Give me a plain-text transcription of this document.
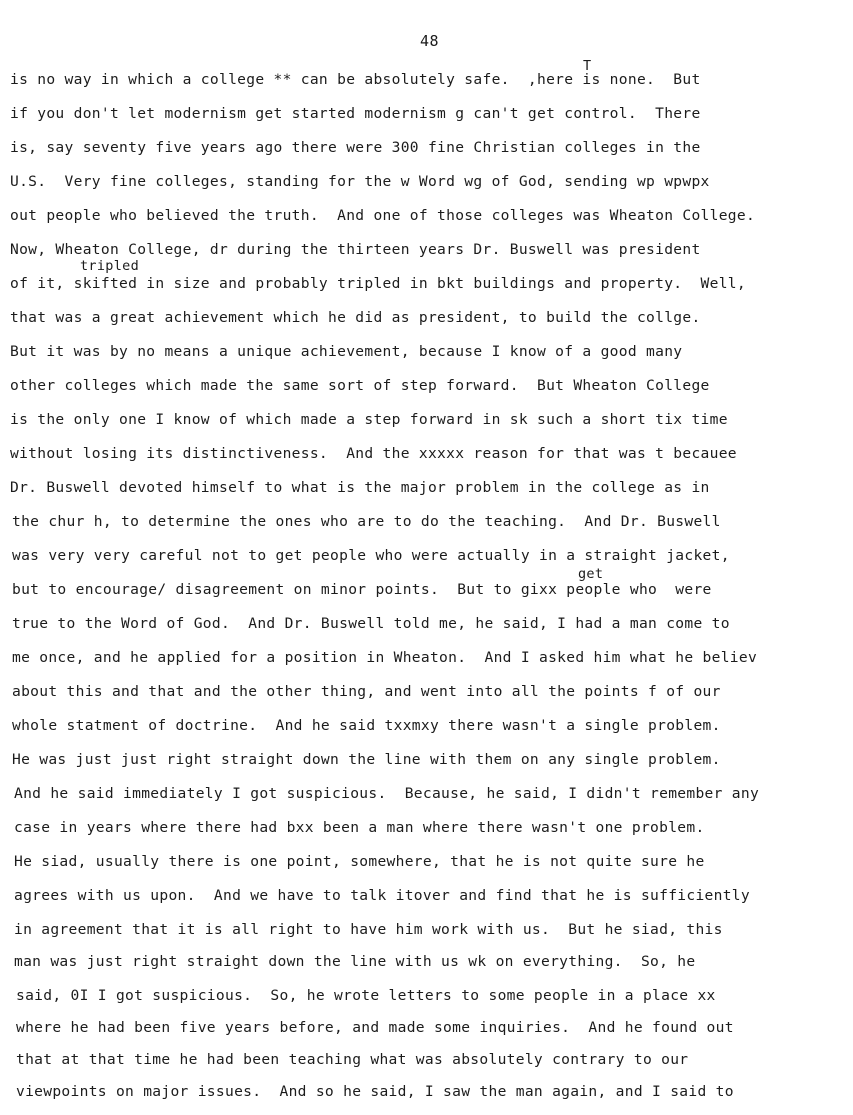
48
T
tripled
get
is no way in which a college ** can be absolutely safe.  ,here is none.  But
if you don't let modernism get started modernism g can't get control.  There
is, say seventy five years ago there were 300 fine Christian colleges in the
U.S.  Very fine colleges, standing for the w Word wg of God, sending wp wpwpx
out people who believed the truth.  And one of those colleges was Wheaton College.
Now, Wheaton College, dr during the thirteen years Dr. Buswell was president
of it, skifted in size and probably tripled in bkt buildings and property.  Well,
that was a great achievement which he did as president, to build the collge.
But it was by no means a unique achievement, because I know of a good many
other colleges which made the same sort of step forward.  But Wheaton College
is the only one I know of which made a step forward in sk such a short tix time
without losing its distinctiveness.  And the xxxxx reason for that was t becauee
Dr. Buswell devoted himself to what is the major problem in the college as in
the chur h, to determine the ones who are to do the teaching.  And Dr. Buswell
was very very careful not to get people who were actually in a straight jacket,
but to encourage/ disagreement on minor points.  But to gixx people who  were
true to the Word of God.  And Dr. Buswell told me, he said, I had a man come to
me once, and he applied for a position in Wheaton.  And I asked him what he believ
about this and that and the other thing, and went into all the points f of our
whole statment of doctrine.  And he said txxmxy there wasn't a single problem.
He was just just right straight down the line with them on any single problem.
And he said immediately I got suspicious.  Because, he said, I didn't remember any
case in years where there had bxx been a man where there wasn't one problem.
He siad, usually there is one point, somewhere, that he is not quite sure he
agrees with us upon.  And we have to talk itover and find that he is sufficiently
in agreement that it is all right to have him work with us.  But he siad, this
man was just right straight down the line with us wk on everything.  So, he
said, 0I I got suspicious.  So, he wrote letters to some people in a place xx
where he had been five years before, and made some inquiries.  And he found out
that at that time he had been teaching what was absolutely contrary to our
viewpoints on major issues.  And so he said, I saw the man again, and I said to
